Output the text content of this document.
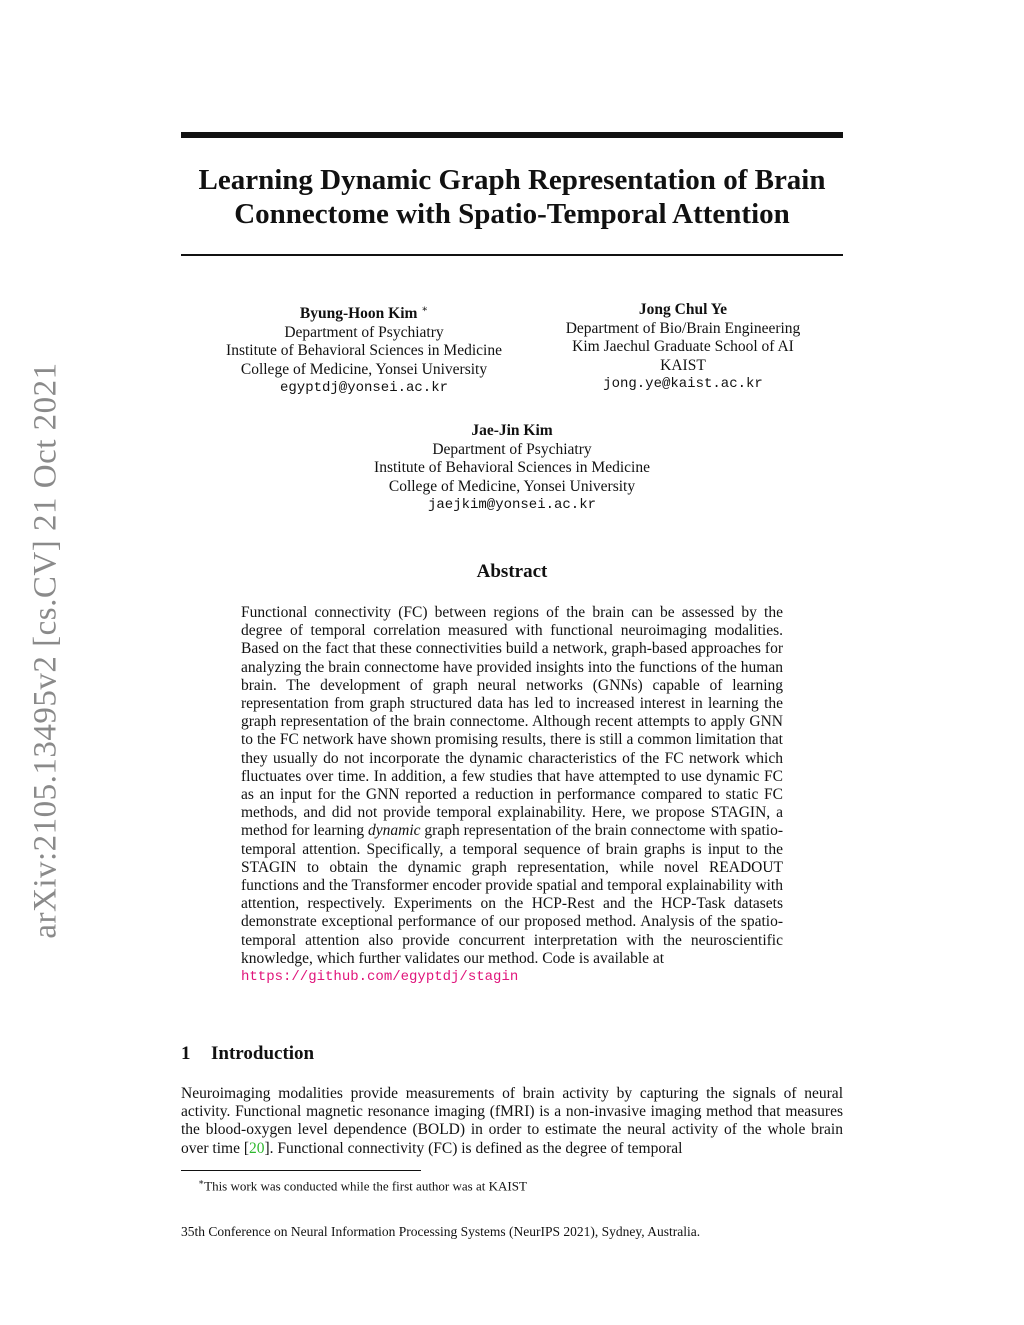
arXiv:2105.13495v2 [cs.CV] 21 Oct 2021
Learning Dynamic Graph Representation of Brain
Connectome with Spatio-Temporal Attention
Byung-Hoon Kim ∗
Department of Psychiatry
Institute of Behavioral Sciences in Medicine
College of Medicine, Yonsei University
egyptdj@yonsei.ac.kr
Jong Chul Ye
Department of Bio/Brain Engineering
Kim Jaechul Graduate School of AI
KAIST
jong.ye@kaist.ac.kr
Jae-Jin Kim
Department of Psychiatry
Institute of Behavioral Sciences in Medicine
College of Medicine, Yonsei University
jaejkim@yonsei.ac.kr
Abstract
Functional connectivity (FC) between regions of the brain can be assessed by the degree of temporal correlation measured with functional neuroimaging modalities. Based on the fact that these connectivities build a network, graph-based approaches for analyzing the brain connectome have provided insights into the functions of the human brain. The development of graph neural networks (GNNs) capable of learning representation from graph structured data has led to increased interest in learning the graph representation of the brain connectome. Although recent attempts to apply GNN to the FC network have shown promising results, there is still a common limitation that they usually do not incorporate the dynamic characteristics of the FC network which fluctuates over time. In addition, a few studies that have attempted to use dynamic FC as an input for the GNN reported a reduction in performance compared to static FC methods, and did not provide temporal explainability. Here, we propose STAGIN, a method for learning dynamic graph representation of the brain connectome with spatio-temporal attention. Specifically, a temporal sequence of brain graphs is input to the STAGIN to obtain the dynamic graph representation, while novel READOUT functions and the Transformer encoder provide spatial and temporal explainability with attention, respectively. Experiments on the HCP-Rest and the HCP-Task datasets demonstrate exceptional performance of our proposed method. Analysis of the spatio-temporal attention also provide concurrent interpretation with the neuroscientific knowledge, which further validates our method. Code is available at
https://github.com/egyptdj/stagin
1 Introduction
Neuroimaging modalities provide measurements of brain activity by capturing the signals of neural activity. Functional magnetic resonance imaging (fMRI) is a non-invasive imaging method that measures the blood-oxygen level dependence (BOLD) in order to estimate the neural activity of the whole brain over time [20]. Functional connectivity (FC) is defined as the degree of temporal
∗This work was conducted while the first author was at KAIST
35th Conference on Neural Information Processing Systems (NeurIPS 2021), Sydney, Australia.
